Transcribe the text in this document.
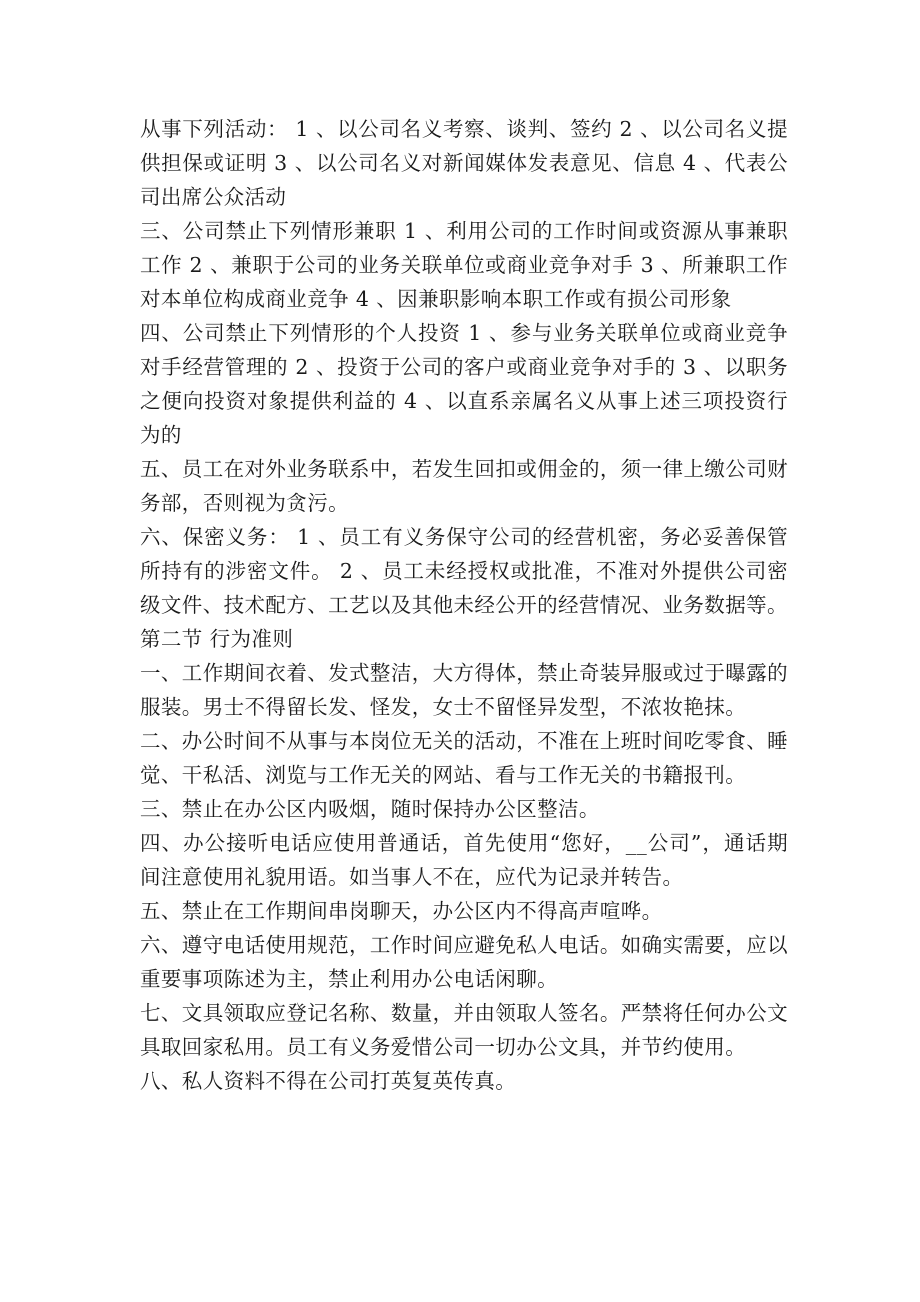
从事下列活动： 1 、以公司名义考察、谈判、签约 2 、以公司名义提供担保或证明 3 、以公司名义对新闻媒体发表意见、信息 4 、代表公司出席公众活动

三、公司禁止下列情形兼职 1 、利用公司的工作时间或资源从事兼职工作 2 、兼职于公司的业务关联单位或商业竞争对手 3 、所兼职工作对本单位构成商业竞争 4 、因兼职影响本职工作或有损公司形象

四、公司禁止下列情形的个人投资 1 、参与业务关联单位或商业竞争对手经营管理的 2 、投资于公司的客户或商业竞争对手的 3 、以职务之便向投资对象提供利益的 4 、以直系亲属名义从事上述三项投资行为的

五、员工在对外业务联系中，若发生回扣或佣金的，须一律上缴公司财务部，否则视为贪污。

六、保密义务： 1 、员工有义务保守公司的经营机密，务必妥善保管所持有的涉密文件。 2 、员工未经授权或批准，不准对外提供公司密级文件、技术配方、工艺以及其他未经公开的经营情况、业务数据等。

第二节 行为准则

一、工作期间衣着、发式整洁，大方得体，禁止奇装异服或过于曝露的服装。男士不得留长发、怪发，女士不留怪异发型，不浓妆艳抹。

二、办公时间不从事与本岗位无关的活动，不准在上班时间吃零食、睡觉、干私活、浏览与工作无关的网站、看与工作无关的书籍报刊。

三、禁止在办公区内吸烟，随时保持办公区整洁。

四、办公接听电话应使用普通话，首先使用“您好，__公司”，通话期间注意使用礼貌用语。如当事人不在，应代为记录并转告。

五、禁止在工作期间串岗聊天，办公区内不得高声喧哗。

六、遵守电话使用规范，工作时间应避免私人电话。如确实需要，应以重要事项陈述为主，禁止利用办公电话闲聊。

七、文具领取应登记名称、数量，并由领取人签名。严禁将任何办公文具取回家私用。员工有义务爱惜公司一切办公文具，并节约使用。

八、私人资料不得在公司打英复英传真。
